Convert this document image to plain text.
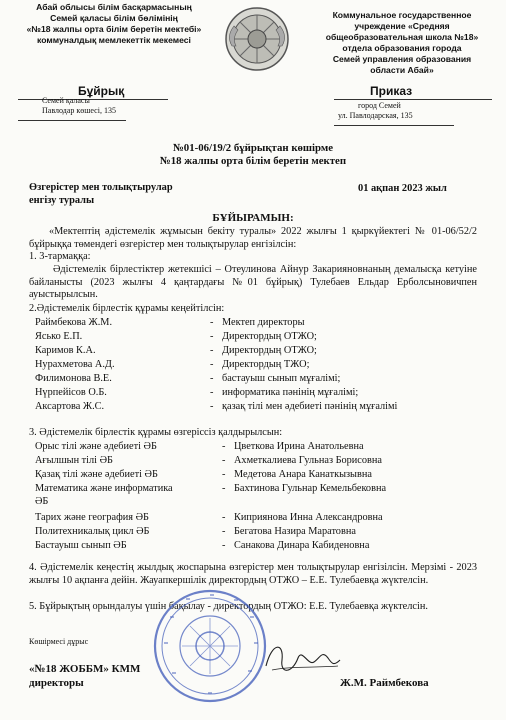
Абай облысы білім басқармасының
Семей қаласы білім бөлімінің
«№18 жалпы орта білім беретін мектебі»
коммуналдық мемлекеттік мекемесі
Коммунальное государственное
учреждение «Средняя
общеобразовательная школа №18»
отдела образования города
Семей управления образования
области Абай»
Бұйрық	Приказ
Семей қаласы
Павлодар көшесі, 135
город Семей
ул. Павлодарская, 135
№01-06/19/2 бұйрықтан көшірме
№18 жалпы орта білім беретін мектеп
Өзгерістер мен толықтырулар
енгізу туралы
01 ақпан 2023 жыл
БҰЙЫРАМЫН:
«Мектептің әдістемелік жұмысын бекіту туралы» 2022 жылғы 1 қыркүйектегі № 01-06/52/2 бұйрыққа төмендегі өзгерістер мен толықтырулар енгізілсін:
1. 3-тармаққа:
Әдістемелік бірлестіктер жетекшісі – Отеулинова Айнур Закарияновнаның демалысқа кетуіне байланысты (2023 жылғы 4 қаңтардағы №01 бұйрық) Тулебаев Ельдар Ерболсыновичпен ауыстырылсын.
2.Әдістемелік бірлестік құрамы кеңейтілсін:
Раймбекова Ж.М.	- Мектеп директоры
Ясько Е.П.	- Директордың ОТЖО;
Каримов К.А.	- Директордың ОТЖО;
Нурахметова А.Д.	- Директордың ТЖО;
Филимонова В.Е.	- бастауыш сынып мұғалімі;
Нүрпейісов О.Б.	- информатика пәнінің мұғалімі;
Аксартова Ж.С.	- қазақ тілі мен әдебиеті пәнінің мұғалімі
3. Әдістемелік бірлестік құрамы өзгеріссіз қалдырылсын:
Орыс тілі және әдебиеті ӘБ	- Цветкова Ирина Анатольевна
Ағылшын тілі ӘБ	- Ахметкалиева Гульназ Борисовна
Қазақ тілі және әдебиеті ӘБ	- Медетова Анара Канаткызывна
Математика және информатика	- Бахтинова Гульнар Кемельбековна
ӘБ
Тарих және география ӘБ	- Киприянова Инна Александровна
Политехникалық цикл ӘБ	- Бегатова Назира Маратовна
Бастауыш сынып ӘБ	- Санакова Динара Кабиденовна
4. Әдістемелік кеңестің жылдық жоспарына өзгерістер мен толықтырулар енгізілсін. Мерзімі - 2023 жылғы 10 ақпанға дейін. Жауапкершілік директордың ОТЖО – Е.Е. Тулебаевқа жүктелсін.
5. Бұйрықтың орындалуы үшін бақылау - директордың ОТЖО: Е.Е. Тулебаевқа жүктелсін.
Көшірмесі дұрыс
«№18 ЖОББМ» КММ
директоры	Ж.М. Раймбекова
